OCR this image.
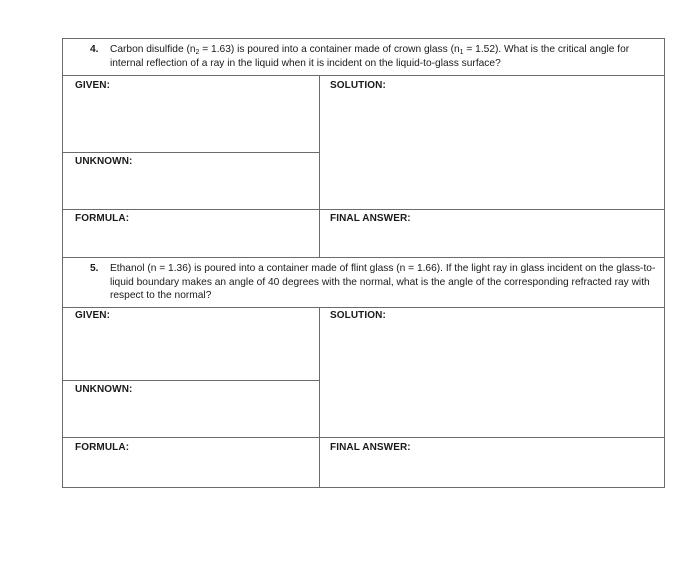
4. Carbon disulfide $(n_2 = 1.63)$ is poured into a container made of crown glass $(n_1 = 1.52)$. What is the critical angle for internal reflection of a ray in the liquid when it is incident on the liquid-to-glass surface?
GIVEN:	SOLUTION:
UNKNOWN:
FORMULA:	FINAL ANSWER:
5. Ethanol (n = 1.36) is poured into a container made of flint glass (n = 1.66). If the light ray in glass incident on the glass-to-liquid boundary makes an angle of 40 degrees with the normal, what is the angle of the corresponding refracted ray with respect to the normal?
GIVEN:	SOLUTION:
UNKNOWN:
FORMULA:	FINAL ANSWER:
